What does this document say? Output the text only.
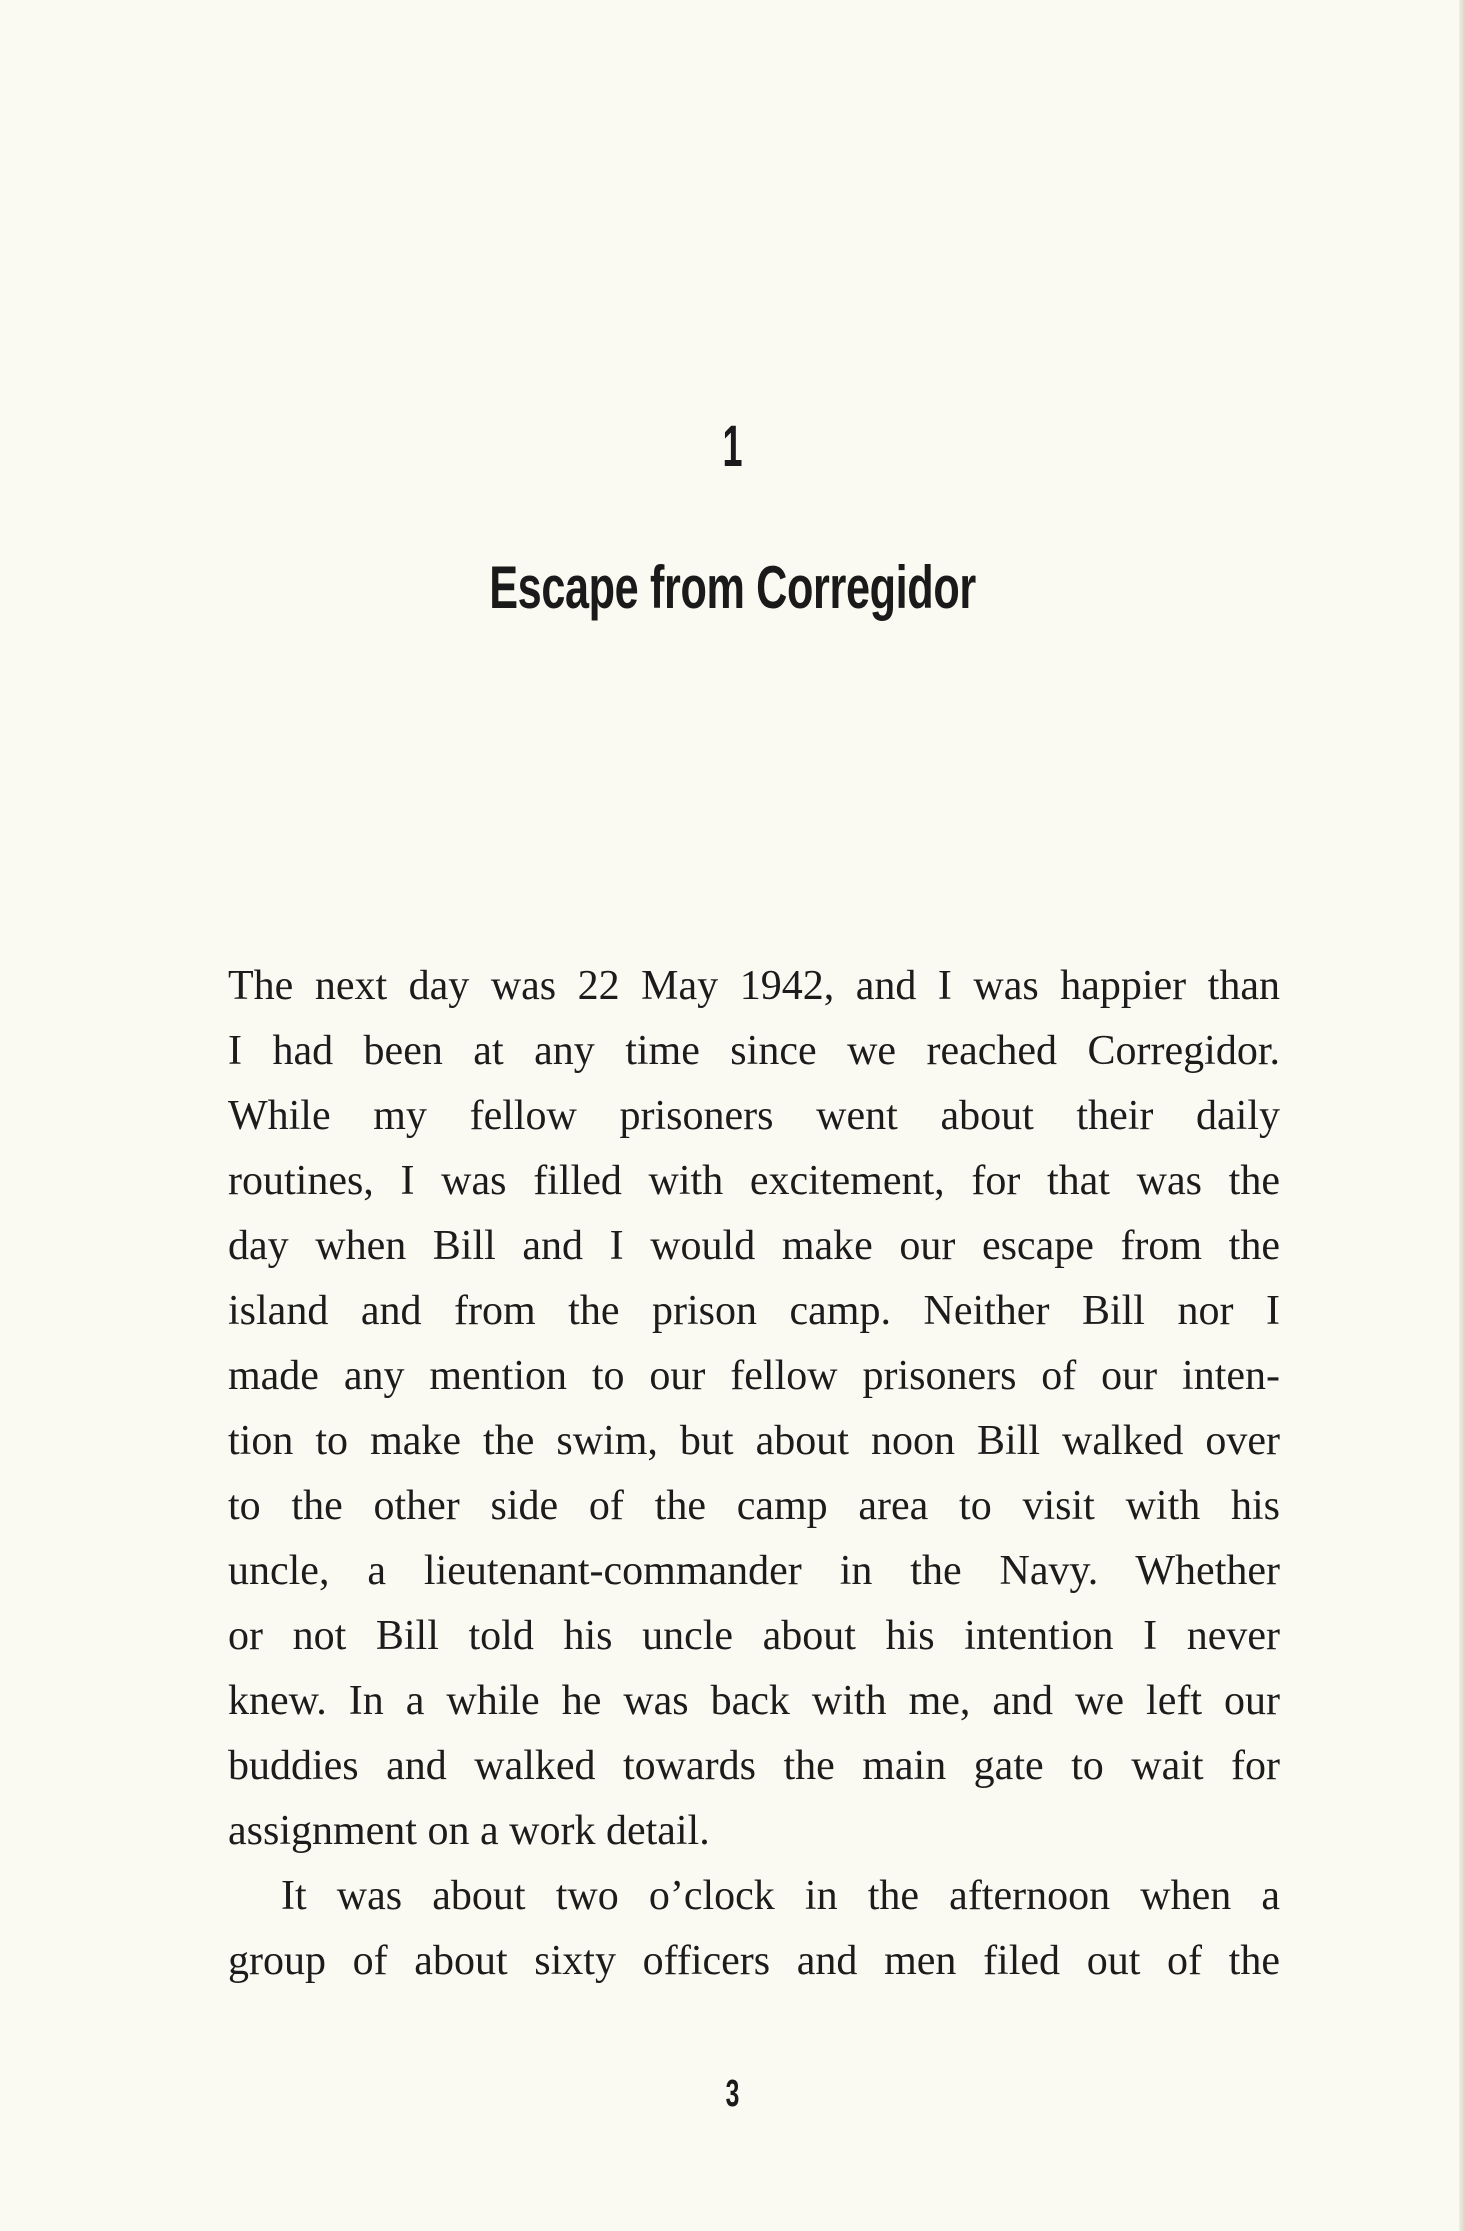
1
Escape from Corregidor
The next day was 22 May 1942, and I was happier than
I had been at any time since we reached Corregidor.
While my fellow prisoners went about their daily
routines, I was filled with excitement, for that was the
day when Bill and I would make our escape from the
island and from the prison camp. Neither Bill nor I
made any mention to our fellow prisoners of our inten-
tion to make the swim, but about noon Bill walked over
to the other side of the camp area to visit with his
uncle, a lieutenant-commander in the Navy. Whether
or not Bill told his uncle about his intention I never
knew. In a while he was back with me, and we left our
buddies and walked towards the main gate to wait for
assignment on a work detail.
It was about two o’clock in the afternoon when a
group of about sixty officers and men filed out of the
3
